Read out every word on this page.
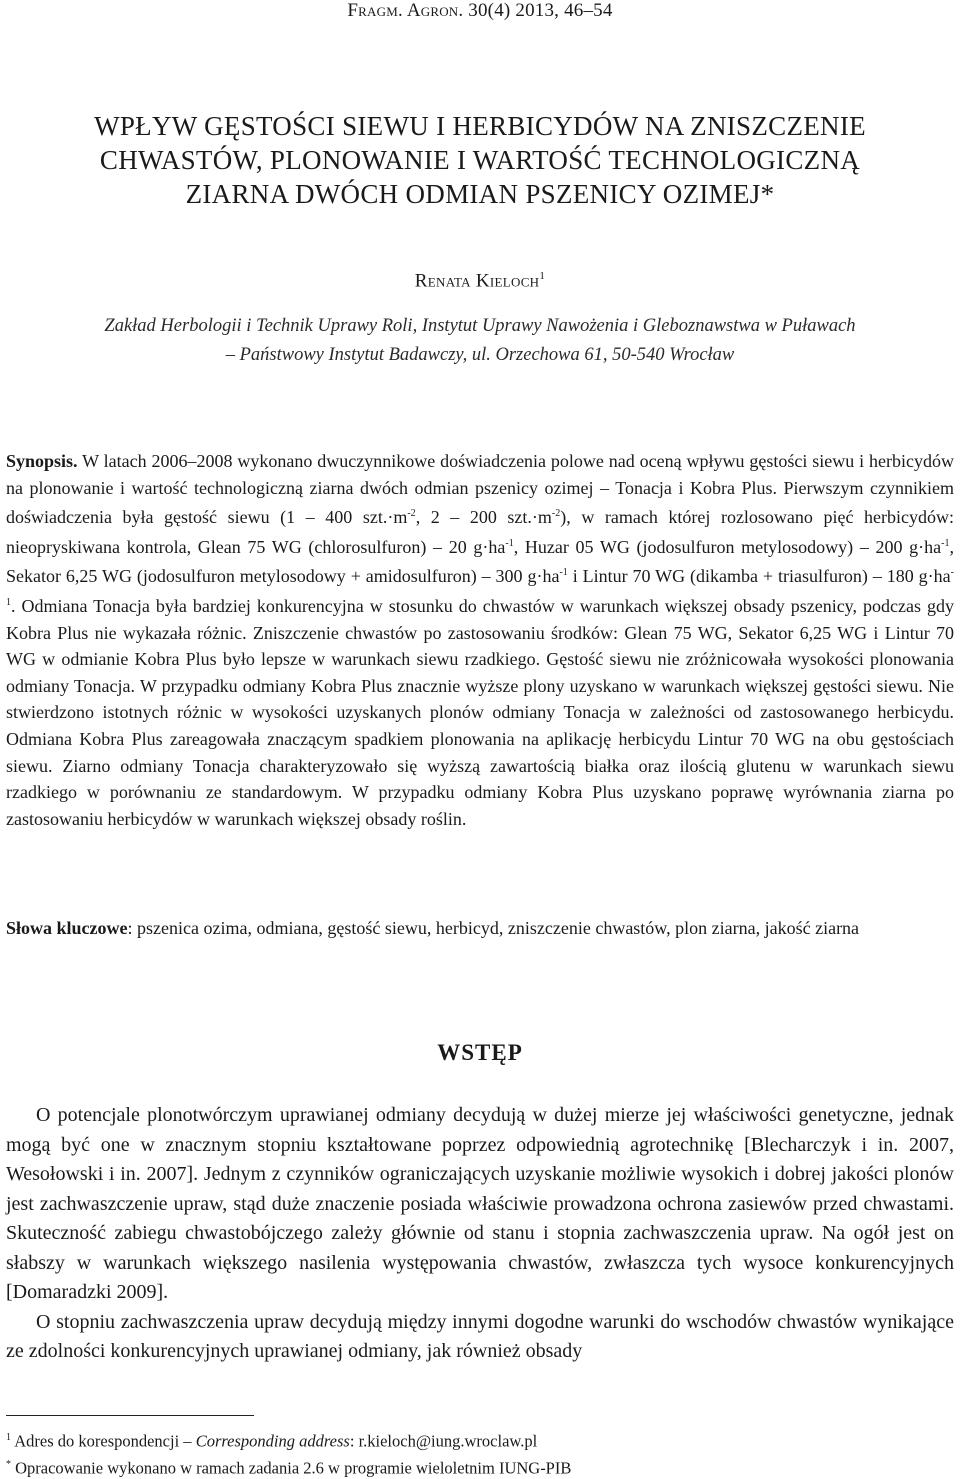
Fragm. Agron. 30(4) 2013, 46–54
WPŁYW GĘSTOŚCI SIEWU I HERBICYDÓW NA ZNISZCZENIE
CHWASTÓW, PLONOWANIE I WARTOŚĆ TECHNOLOGICZNĄ
ZIARNA DWÓCH ODMIAN PSZENICY OZIMEJ*
Renata Kieloch$^1$
Zakład Herbologii i Technik Uprawy Roli, Instytut Uprawy Nawożenia i Gleboznawstwa w Puławach
– Państwowy Instytut Badawczy, ul. Orzechowa 61, 50-540 Wrocław
Synopsis. W latach 2006–2008 wykonano dwuczynnikowe doświadczenia polowe nad oceną wpływu gęstości siewu i herbicydów na plonowanie i wartość technologiczną ziarna dwóch odmian pszenicy ozimej – Tonacja i Kobra Plus. Pierwszym czynnikiem doświadczenia była gęstość siewu (1 – 400 $szt.\cdot m^{-2}$, 2 – 200 $szt.\cdot m^{-2}$), w ramach której rozlosowano pięć herbicydów: nieopryskiwana kontrola, Glean 75 WG (chlorosulfuron) – 20 $g\cdot ha^{-1}$, Huzar 05 WG (jodosulfuron metylosodowy) – 200 $g\cdot ha^{-1}$, Sekator 6,25 WG (jodosulfuron metylosodowy + amidosulfuron) – 300 $g\cdot ha^{-1}$ i Lintur 70 WG (dikamba + triasulfuron) – 180 $g\cdot ha^{-1}$. Odmiana Tonacja była bardziej konkurencyjna w stosunku do chwastów w warunkach większej obsady pszenicy, podczas gdy Kobra Plus nie wykazała różnic. Zniszczenie chwastów po zastosowaniu środków: Glean 75 WG, Sekator 6,25 WG i Lintur 70 WG w odmianie Kobra Plus było lepsze w warunkach siewu rzadkiego. Gęstość siewu nie zróżnicowała wysokości plonowania odmiany Tonacja. W przypadku odmiany Kobra Plus znacznie wyższe plony uzyskano w warunkach większej gęstości siewu. Nie stwierdzono istotnych różnic w wysokości uzyskanych plonów odmiany Tonacja w zależności od zastosowanego herbicydu. Odmiana Kobra Plus zareagowała znaczącym spadkiem plonowania na aplikację herbicydu Lintur 70 WG na obu gęstościach siewu. Ziarno odmiany Tonacja charakteryzowało się wyższą zawartością białka oraz ilością glutenu w warunkach siewu rzadkiego w porównaniu ze standardowym. W przypadku odmiany Kobra Plus uzyskano poprawę wyrównania ziarna po zastosowaniu herbicydów w warunkach większej obsady roślin.
Słowa kluczowe: pszenica ozima, odmiana, gęstość siewu, herbicyd, zniszczenie chwastów, plon ziarna, jakość ziarna
WSTĘP

O potencjale plonotwórczym uprawianej odmiany decydują w dużej mierze jej właściwości genetyczne, jednak mogą być one w znacznym stopniu kształtowane poprzez odpowiednią agrotechnikę [Blecharczyk i in. 2007, Wesołowski i in. 2007]. Jednym z czynników ograniczających uzyskanie możliwie wysokich i dobrej jakości plonów jest zachwaszczenie upraw, stąd duże znaczenie posiada właściwie prowadzona ochrona zasiewów przed chwastami. Skuteczność zabiegu chwastobójczego zależy głównie od stanu i stopnia zachwaszczenia upraw. Na ogół jest on słabszy w warunkach większego nasilenia występowania chwastów, zwłaszcza tych wysoce konkurencyjnych [Domaradzki 2009].

O stopniu zachwaszczenia upraw decydują między innymi dogodne warunki do wschodów chwastów wynikające ze zdolności konkurencyjnych uprawianej odmiany, jak również obsady

$^1$ Adres do korespondencji – Corresponding address: r.kieloch@iung.wroclaw.pl
* Opracowanie wykonano w ramach zadania 2.6 w programie wieloletnim IUNG-PIB
